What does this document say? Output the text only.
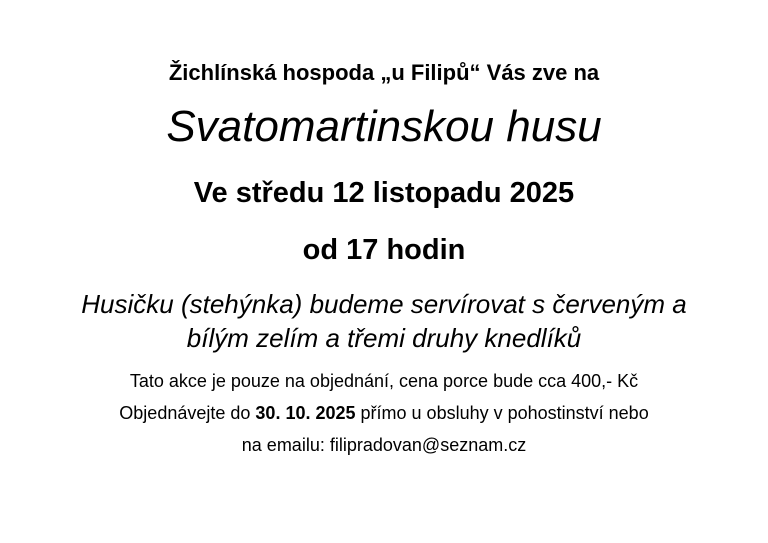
Žichlínská hospoda „u Filipů“ Vás zve na

Svatomartinskou husu

Ve středu 12 listopadu 2025

od 17 hodin

Husičku (stehýnka) budeme servírovat s červeným a
bílým zelím a třemi druhy knedlíků

Tato akce je pouze na objednání, cena porce bude cca 400,- Kč

Objednávejte do 30. 10. 2025 přímo u obsluhy v pohostinství nebo

na emailu: filipradovan@seznam.cz
